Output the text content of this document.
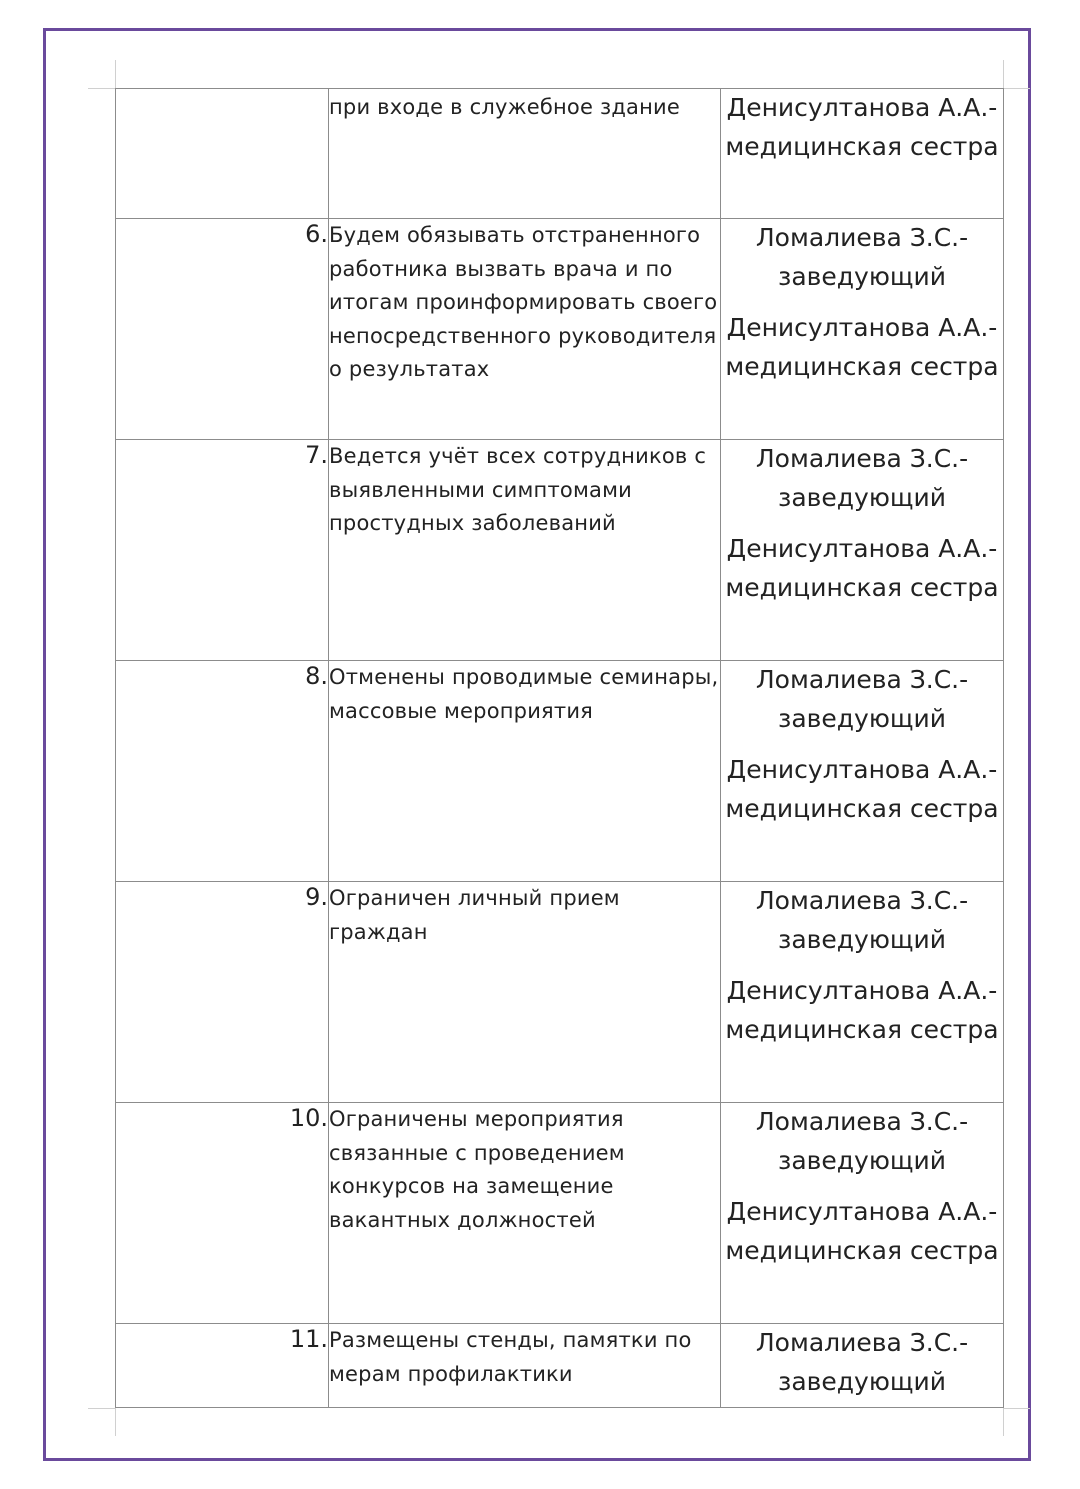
	при входе в служебное здание	Денисултанова А.А.-медицинская сестра

6.	Будем обязывать отстраненного работника вызвать врача и по итогам проинформировать своего непосредственного руководителя о результатах	Ломалиева З.С.- заведующий
Денисултанова А.А.-медицинская сестра

7.	Ведется учёт всех сотрудников с выявленными симптомами простудных заболеваний	Ломалиева З.С.- заведующий
Денисултанова А.А.-медицинская сестра

8.	Отменены проводимые семинары, массовые мероприятия	Ломалиева З.С.- заведующий
Денисултанова А.А.-медицинская сестра

9.	Ограничен личный прием граждан	Ломалиева З.С.- заведующий
Денисултанова А.А.-медицинская сестра

10.	Ограничены мероприятия связанные с проведением конкурсов на замещение вакантных должностей	Ломалиева З.С.- заведующий
Денисултанова А.А.-медицинская сестра

11.	Размещены стенды, памятки по мерам профилактики	Ломалиева З.С.- заведующий
